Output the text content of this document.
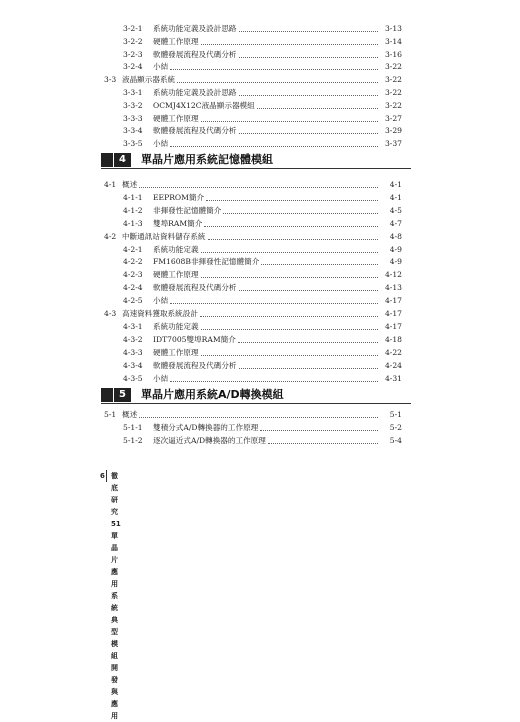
3-2-1 系統功能定義及設計思路	3-13
3-2-2 硬體工作原理	3-14
3-2-3 軟體發展流程及代碼分析	3-16
3-2-4 小結	3-22
3-3 液晶顯示器系統	3-22
3-3-1 系統功能定義及設計思路	3-22
3-3-2 OCMJ4X12C液晶顯示器模組	3-22
3-3-3 硬體工作原理	3-27
3-3-4 軟體發展流程及代碼分析	3-29
3-3-5 小結	3-37
4	單晶片應用系統記憶體模組
4-1 概述	4-1
4-1-1 EEPROM簡介	4-1
4-1-2 非揮發性記憶體簡介	4-5
4-1-3 雙埠RAM簡介	4-7
4-2 中斷通訊站資料儲存系統	4-8
4-2-1 系統功能定義	4-9
4-2-2 FM1608B非揮發性記憶體簡介	4-9
4-2-3 硬體工作原理	4-12
4-2-4 軟體發展流程及代碼分析	4-13
4-2-5 小結	4-17
4-3 高速資料獲取系統設計	4-17
4-3-1 系統功能定義	4-17
4-3-2 IDT7005雙埠RAM簡介	4-18
4-3-3 硬體工作原理	4-22
4-3-4 軟體發展流程及代碼分析	4-24
4-3-5 小結	4-31
5	單晶片應用系統A/D轉換模組
5-1 概述	5-1
5-1-1 雙積分式A/D轉換器的工作原理	5-2
5-1-2 逐次逼近式A/D轉換器的工作原理	5-4
6 徹底研究51單晶片應用系統典型模組開發與應用
